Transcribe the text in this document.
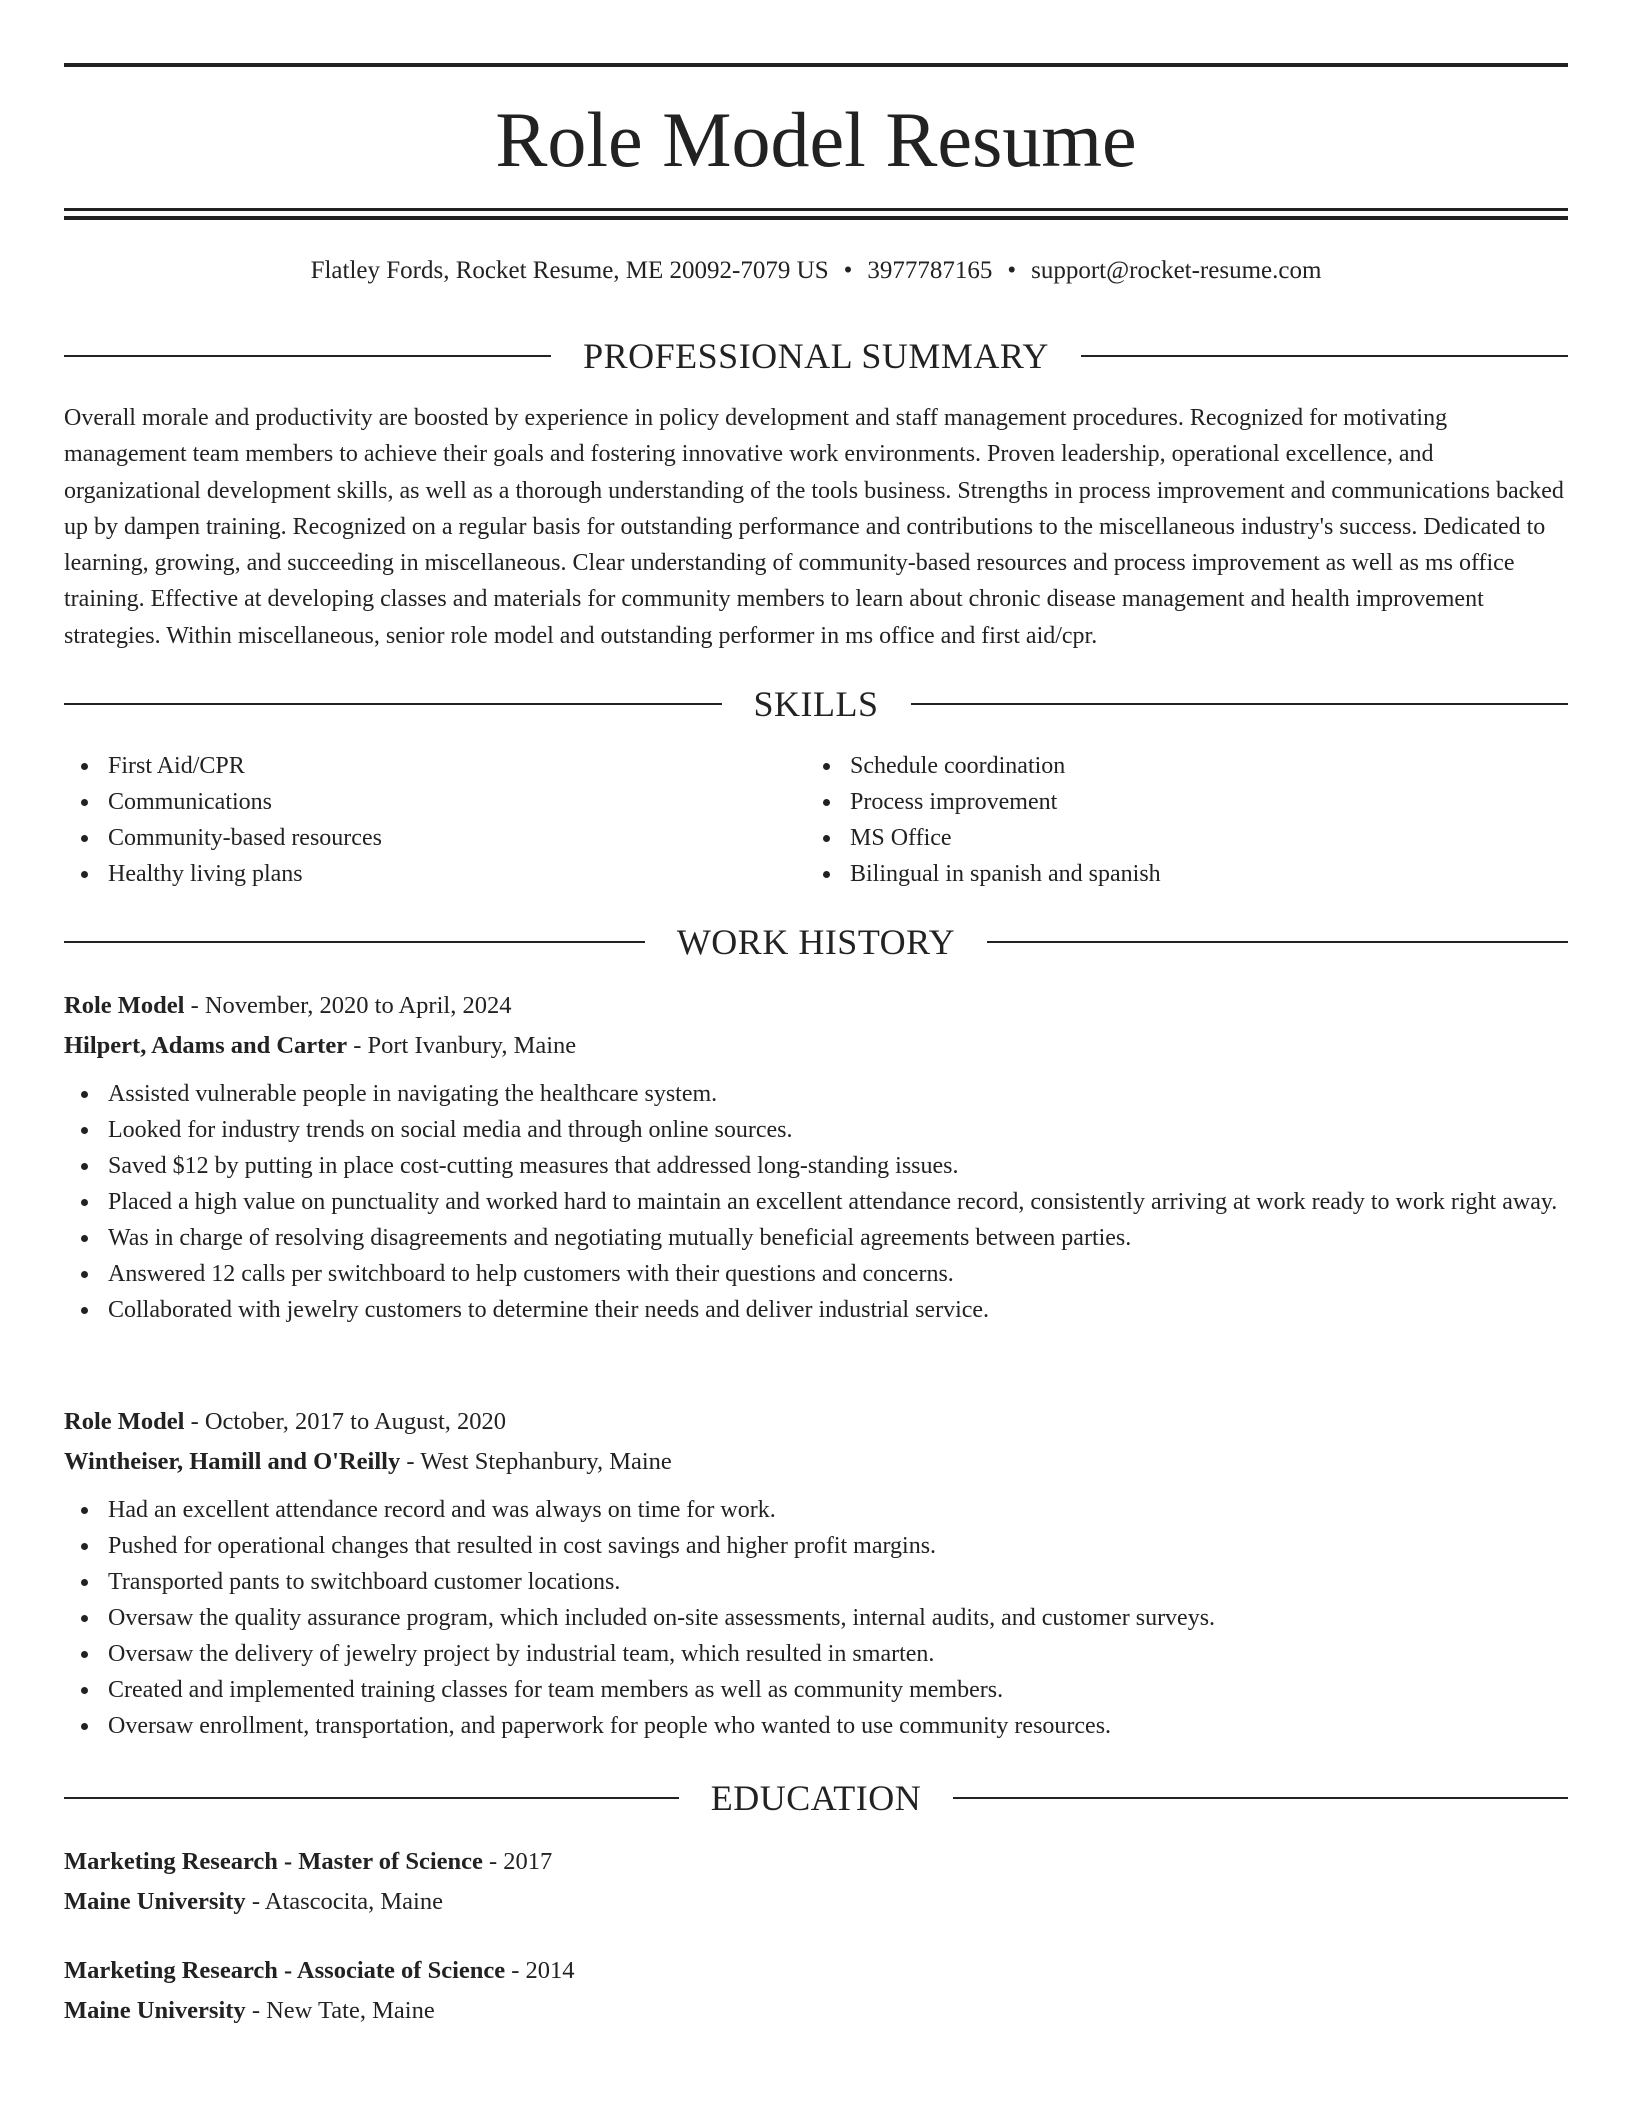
Role Model Resume
Flatley Fords, Rocket Resume, ME 20092-7079 US • 3977787165 • support@rocket-resume.com
PROFESSIONAL SUMMARY
Overall morale and productivity are boosted by experience in policy development and staff management procedures. Recognized for motivating management team members to achieve their goals and fostering innovative work environments. Proven leadership, operational excellence, and organizational development skills, as well as a thorough understanding of the tools business. Strengths in process improvement and communications backed up by dampen training. Recognized on a regular basis for outstanding performance and contributions to the miscellaneous industry's success. Dedicated to learning, growing, and succeeding in miscellaneous. Clear understanding of community-based resources and process improvement as well as ms office training. Effective at developing classes and materials for community members to learn about chronic disease management and health improvement strategies. Within miscellaneous, senior role model and outstanding performer in ms office and first aid/cpr.
SKILLS
First Aid/CPR
Communications
Community-based resources
Healthy living plans
Schedule coordination
Process improvement
MS Office
Bilingual in spanish and spanish
WORK HISTORY
Role Model - November, 2020 to April, 2024
Hilpert, Adams and Carter - Port Ivanbury, Maine
Assisted vulnerable people in navigating the healthcare system.
Looked for industry trends on social media and through online sources.
Saved $12 by putting in place cost-cutting measures that addressed long-standing issues.
Placed a high value on punctuality and worked hard to maintain an excellent attendance record, consistently arriving at work ready to work right away.
Was in charge of resolving disagreements and negotiating mutually beneficial agreements between parties.
Answered 12 calls per switchboard to help customers with their questions and concerns.
Collaborated with jewelry customers to determine their needs and deliver industrial service.
Role Model - October, 2017 to August, 2020
Wintheiser, Hamill and O'Reilly - West Stephanbury, Maine
Had an excellent attendance record and was always on time for work.
Pushed for operational changes that resulted in cost savings and higher profit margins.
Transported pants to switchboard customer locations.
Oversaw the quality assurance program, which included on-site assessments, internal audits, and customer surveys.
Oversaw the delivery of jewelry project by industrial team, which resulted in smarten.
Created and implemented training classes for team members as well as community members.
Oversaw enrollment, transportation, and paperwork for people who wanted to use community resources.
EDUCATION
Marketing Research - Master of Science - 2017
Maine University - Atascocita, Maine
Marketing Research - Associate of Science - 2014
Maine University - New Tate, Maine
